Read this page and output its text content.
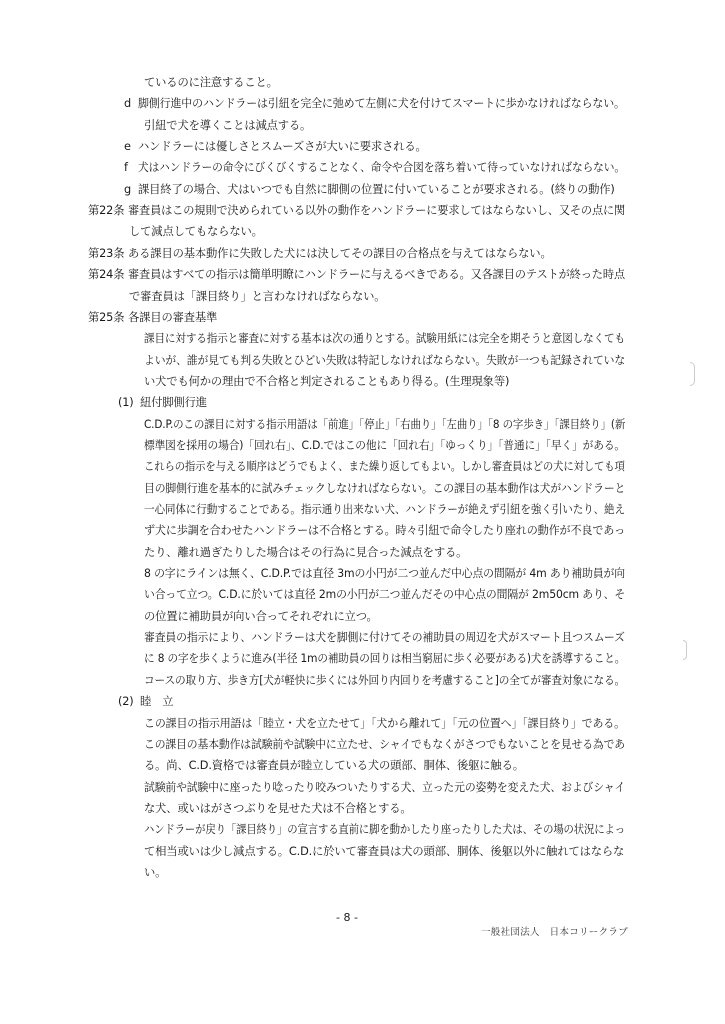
ているのに注意すること。
d 脚側行進中のハンドラーは引紐を完全に弛めて左側に犬を付けてスマートに歩かなければならない。
引紐で犬を導くことは減点する。
e ハンドラーには優しさとスムーズさが大いに要求される。
f 犬はハンドラーの命令にびくびくすることなく、命令や合図を落ち着いて待っていなければならない。
g 課目終了の場合、犬はいつでも自然に脚側の位置に付いていることが要求される。(終りの動作)
第22条 審査員はこの規則で決められている以外の動作をハンドラーに要求してはならないし、又その点に関
して減点してもならない。
第23条 ある課目の基本動作に失敗した犬には決してその課目の合格点を与えてはならない。
第24条 審査員はすべての指示は簡単明瞭にハンドラーに与えるべきである。又各課目のテストが終った時点
で審査員は「課目終り」と言わなければならない。
第25条 各課目の審査基準
課目に対する指示と審査に対する基本は次の通りとする。試験用紙には完全を期そうと意図しなくても
よいが、誰が見ても判る失敗とひどい失敗は特記しなければならない。失敗が一つも記録されていな
い犬でも何かの理由で不合格と判定されることもあり得る。(生理現象等)
(1) 紐付脚側行進
C.D.P.のこの課目に対する指示用語は「前進」「停止」「右曲り」「左曲り」「8 の字歩き」「課目終り」(新
標準図を採用の場合)「回れ右」、C.D.ではこの他に「回れ右」「ゆっくり」「普通に」「早く」がある。
これらの指示を与える順序はどうでもよく、また繰り返してもよい。しかし審査員はどの犬に対しても項
目の脚側行進を基本的に試みチェックしなければならない。この課目の基本動作は犬がハンドラーと
一心同体に行動することである。指示通り出来ない犬、ハンドラーが絶えず引紐を強く引いたり、絶え
ず犬に歩調を合わせたハンドラーは不合格とする。時々引紐で命令したり座れの動作が不良であっ
たり、離れ過ぎたりした場合はその行為に見合った減点をする。
8 の字にラインは無く、C.D.P.では直径 3mの小円が二つ並んだ中心点の間隔が 4m あり補助員が向
い合って立つ。C.D.に於いては直径 2mの小円が二つ並んだその中心点の間隔が 2m50cm あり、そ
の位置に補助員が向い合ってそれぞれに立つ。
審査員の指示により、ハンドラーは犬を脚側に付けてその補助員の周辺を犬がスマート且つスムーズ
に 8 の字を歩くように進み(半径 1mの補助員の回りは相当窮屈に歩く必要がある)犬を誘導すること。
コースの取り方、歩き方[犬が軽快に歩くには外回り内回りを考慮すること]の全てが審査対象になる。
(2) 睦　立
この課目の指示用語は「睦立・犬を立たせて」「犬から離れて」「元の位置へ」「課目終り」である。
この課目の基本動作は試験前や試験中に立たせ、シャイでもなくがさつでもないことを見せる為であ
る。尚、C.D.資格では審査員が睦立している犬の頭部、胴体、後躯に触る。
試験前や試験中に座ったり唸ったり咬みついたりする犬、立った元の姿勢を変えた犬、およびシャイ
な犬、或いはがさつぶりを見せた犬は不合格とする。
ハンドラーが戻り「課目終り」の宣言する直前に脚を動かしたり座ったりした犬は、その場の状況によっ
て相当或いは少し減点する。C.D.に於いて審査員は犬の頭部、胴体、後躯以外に触れてはならな
い。
- 8 -
一般社団法人　日本コリークラブ
